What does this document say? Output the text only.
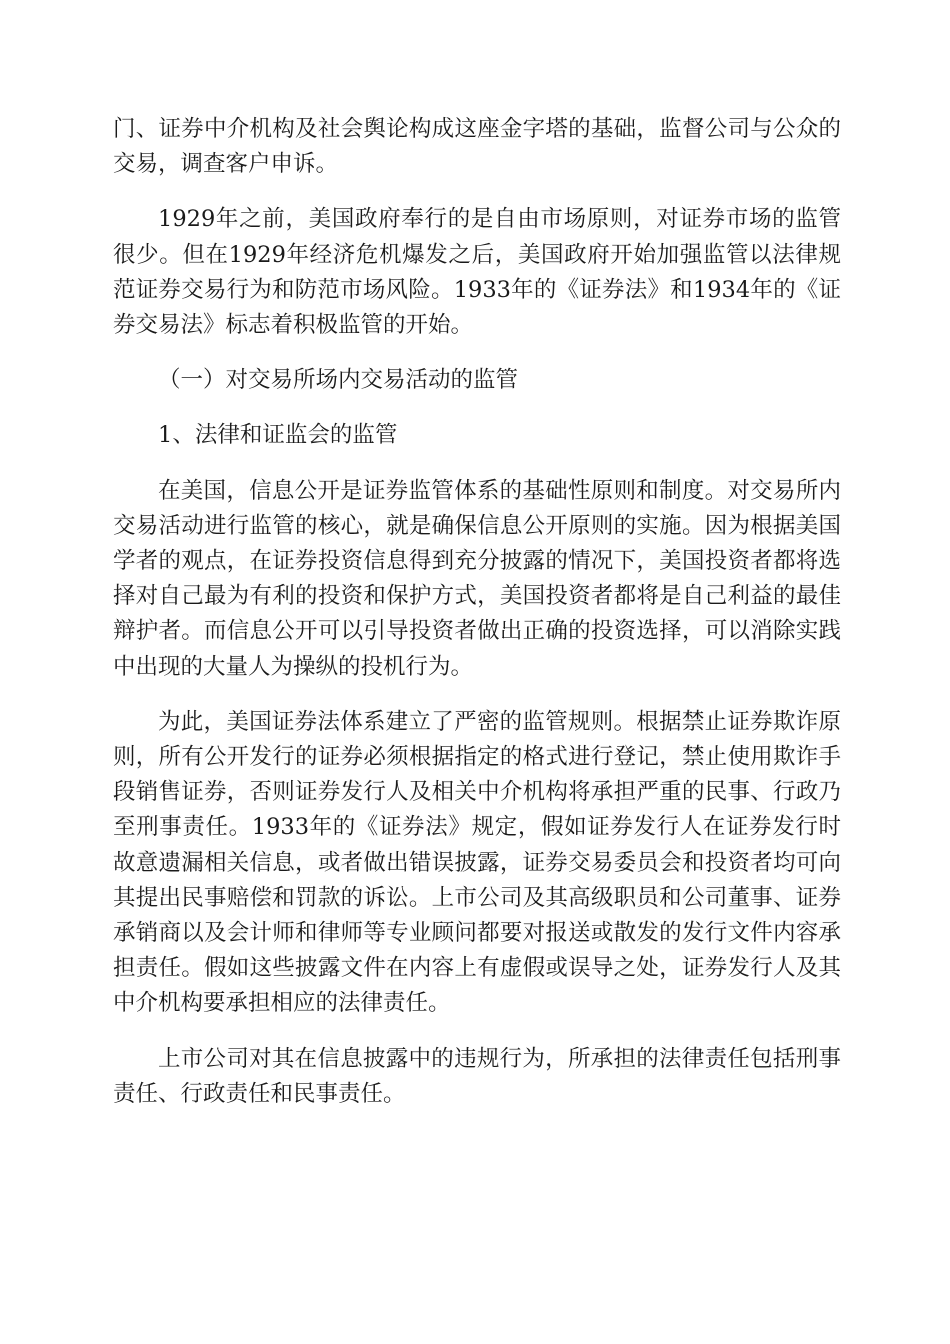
门、证券中介机构及社会舆论构成这座金字塔的基础，监督公司与公众的交易，调查客户申诉。

1929年之前，美国政府奉行的是自由市场原则，对证券市场的监管很少。但在1929年经济危机爆发之后，美国政府开始加强监管以法律规范证券交易行为和防范市场风险。1933年的《证券法》和1934年的《证券交易法》标志着积极监管的开始。

（一）对交易所场内交易活动的监管

1、法律和证监会的监管

在美国，信息公开是证券监管体系的基础性原则和制度。对交易所内交易活动进行监管的核心，就是确保信息公开原则的实施。因为根据美国学者的观点，在证券投资信息得到充分披露的情况下，美国投资者都将选择对自己最为有利的投资和保护方式，美国投资者都将是自己利益的最佳辩护者。而信息公开可以引导投资者做出正确的投资选择，可以消除实践中出现的大量人为操纵的投机行为。

为此，美国证券法体系建立了严密的监管规则。根据禁止证券欺诈原则，所有公开发行的证券必须根据指定的格式进行登记，禁止使用欺诈手段销售证券，否则证券发行人及相关中介机构将承担严重的民事、行政乃至刑事责任。1933年的《证券法》规定，假如证券发行人在证券发行时故意遗漏相关信息，或者做出错误披露，证券交易委员会和投资者均可向其提出民事赔偿和罚款的诉讼。上市公司及其高级职员和公司董事、证券承销商以及会计师和律师等专业顾问都要对报送或散发的发行文件内容承担责任。假如这些披露文件在内容上有虚假或误导之处，证券发行人及其中介机构要承担相应的法律责任。

上市公司对其在信息披露中的违规行为，所承担的法律责任包括刑事责任、行政责任和民事责任。
